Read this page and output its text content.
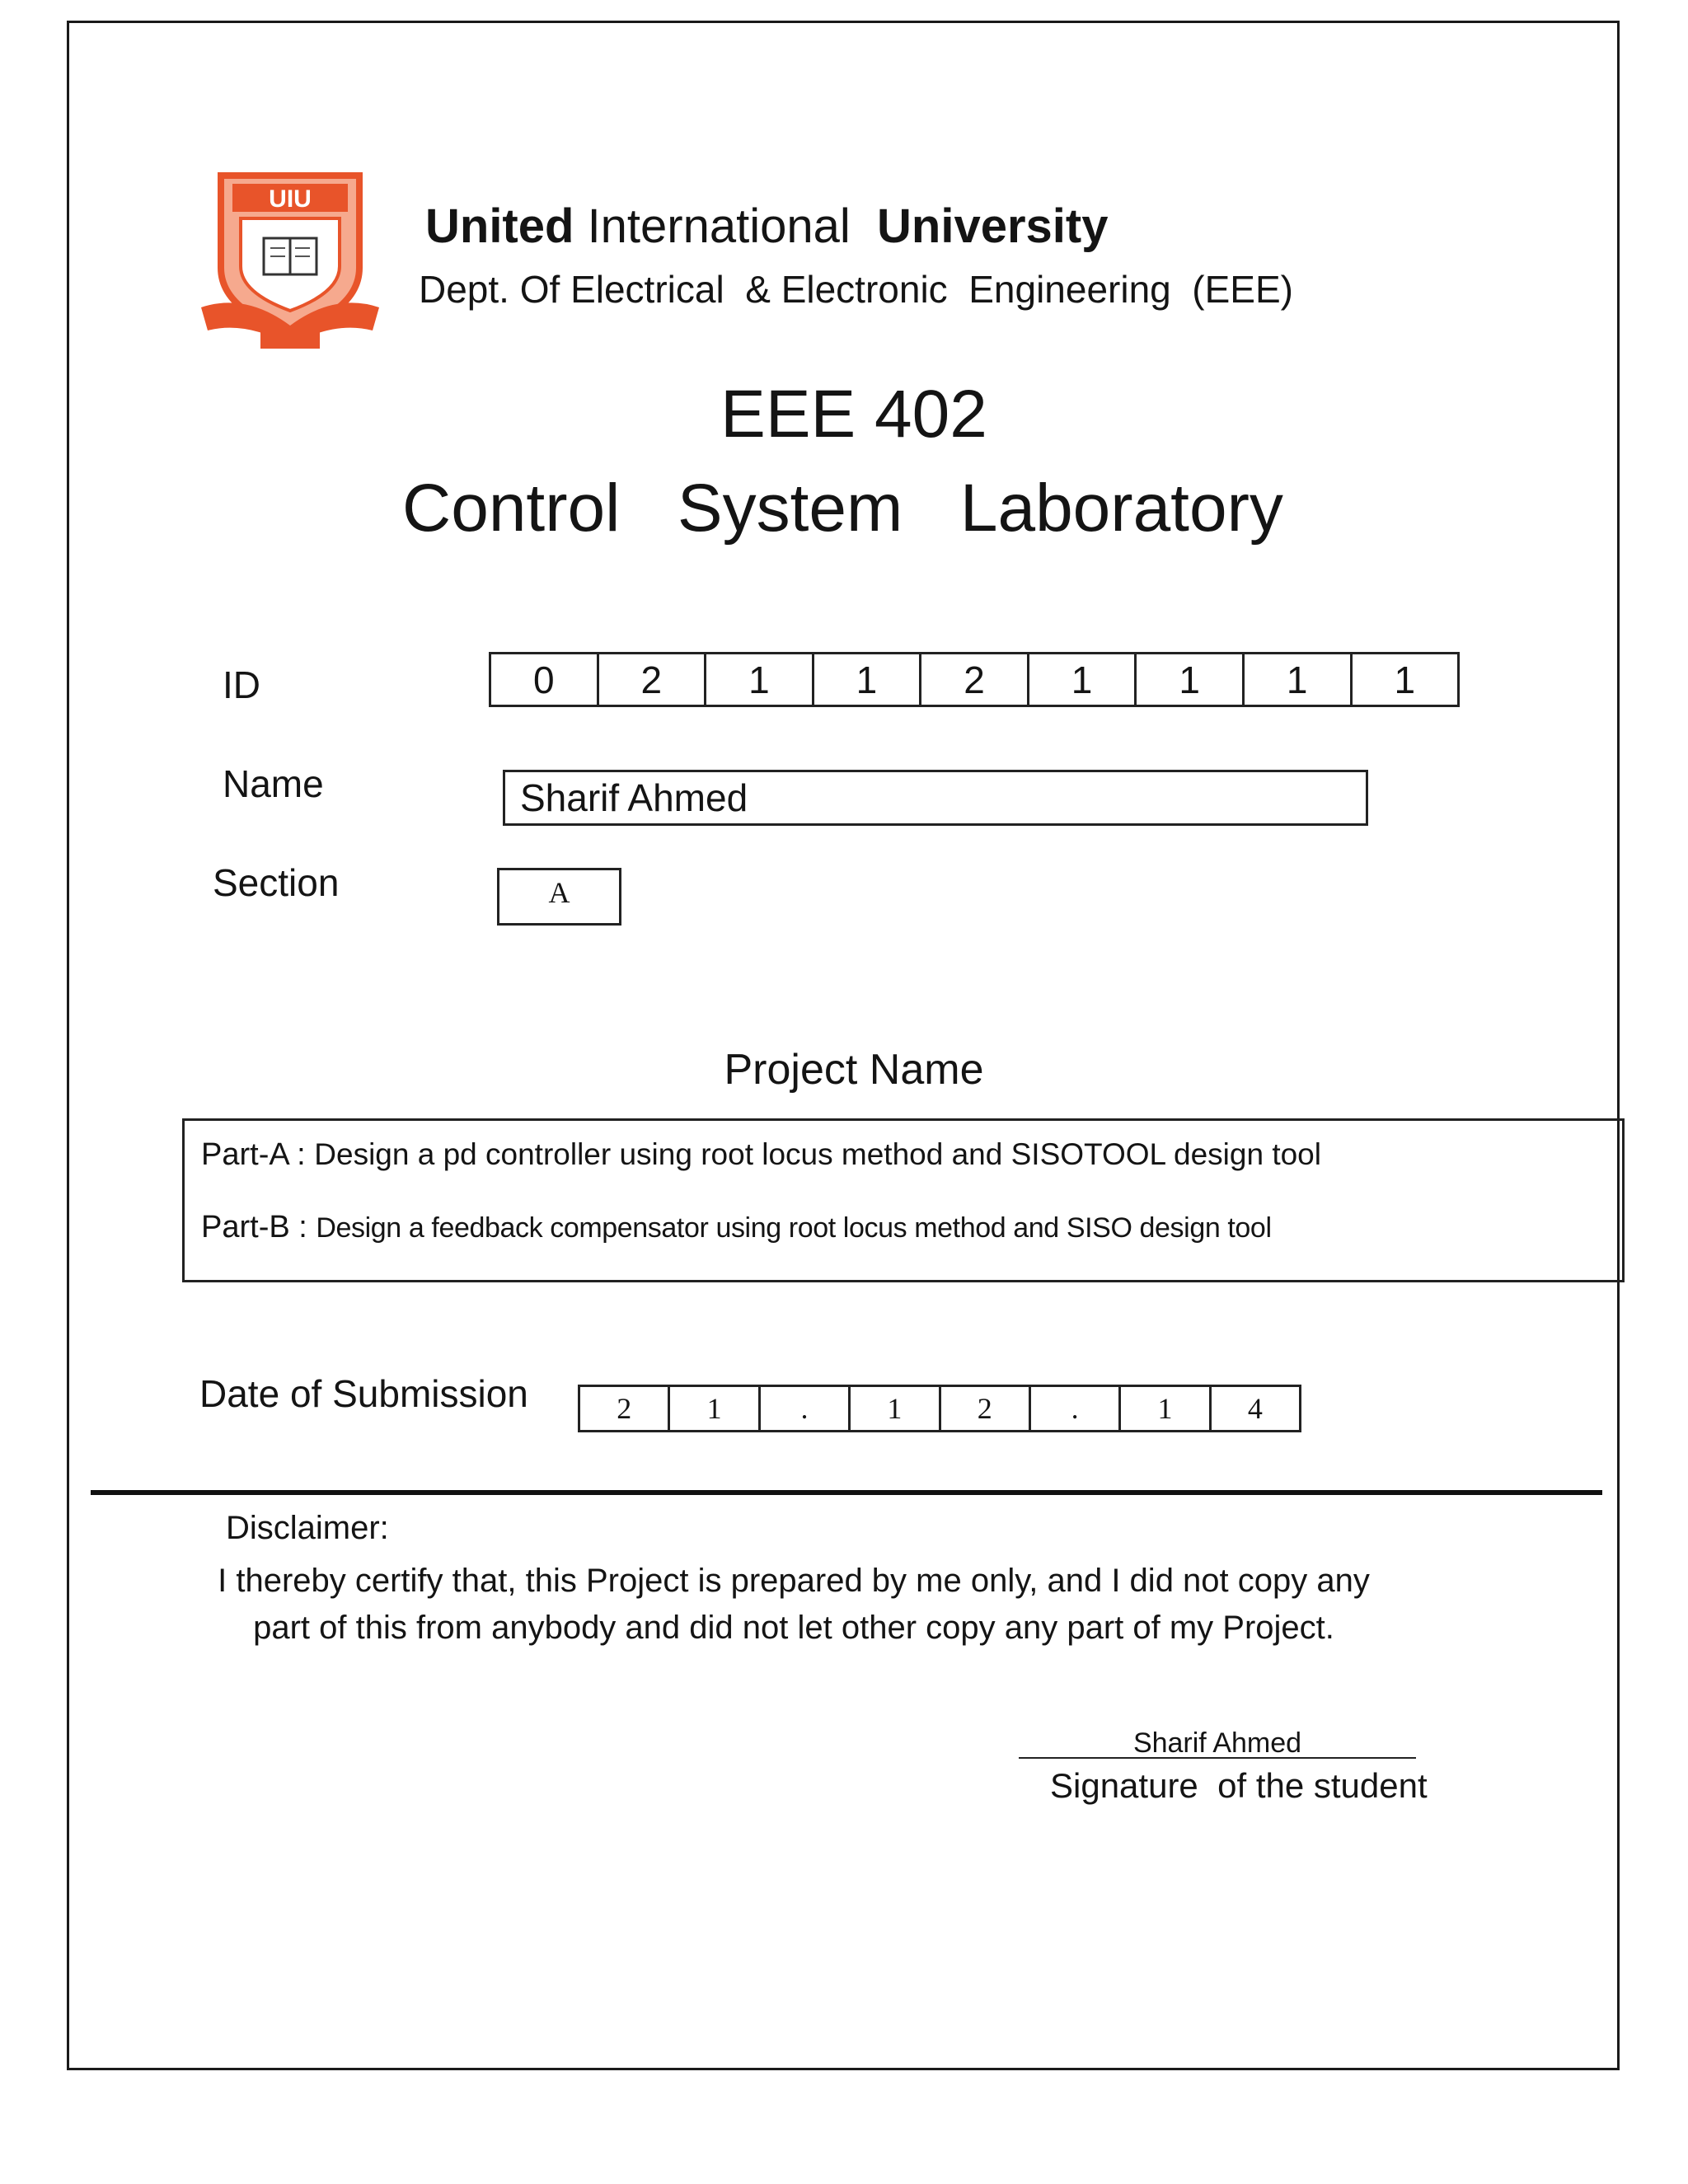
UIU
United International University
Dept. Of Electrical  & Electronic  Engineering  (EEE)
EEE 402
Control  System  Laboratory
ID	0	2	1	1	2	1	1	1	1
Name	Sharif Ahmed
Section	A
Project Name
Part-A : Design a pd controller using root locus method and SISOTOOL design tool
Part-B : Design a feedback compensator using root locus method and SISO design tool
Date of Submission	2	1	.	1	2	.	1	4
Disclaimer:
I thereby certify that, this Project is prepared by me only, and I did not copy any part of this from anybody and did not let other copy any part of my Project.
Sharif Ahmed
Signature  of the student
